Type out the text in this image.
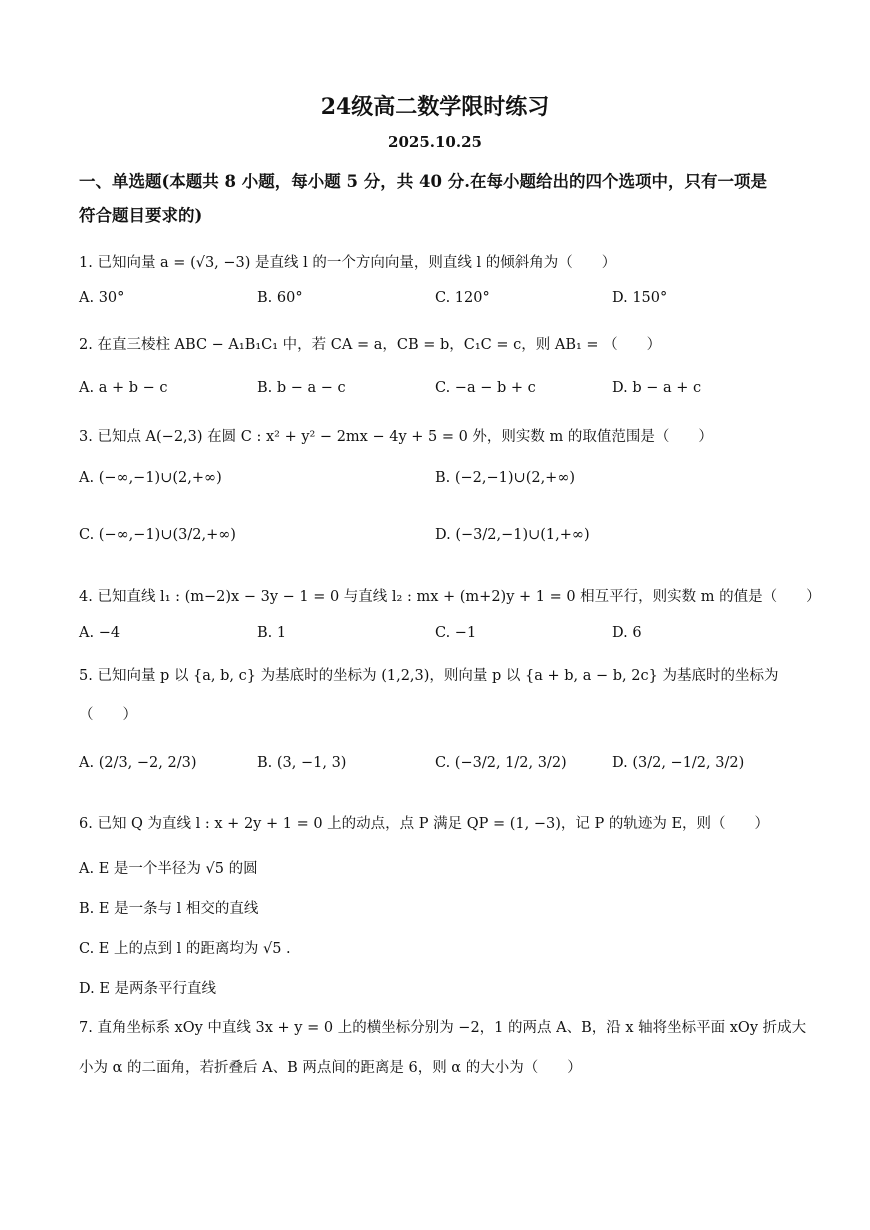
24级高二数学限时练习
2025.10.25
一、单选题(本题共 8 小题，每小题 5 分，共 40 分.在每小题给出的四个选项中，只有一项是
符合题目要求的)
1. 已知向量 a = (√3, −3) 是直线 l 的一个方向向量，则直线 l 的倾斜角为（　　）
A. 30°	B. 60°	C. 120°	D. 150°
2. 在直三棱柱 ABC − A₁B₁C₁ 中，若 CA = a，CB = b，C₁C = c，则 AB₁ = （　　）
A. a + b − c	B. b − a − c	C. −a − b + c	D. b − a + c
3. 已知点 A(−2,3) 在圆 C : x² + y² − 2mx − 4y + 5 = 0 外，则实数 m 的取值范围是（　　）
A. (−∞,−1)∪(2,+∞)	B. (−2,−1)∪(2,+∞)
C. (−∞,−1)∪(3/2,+∞)	D. (−3/2,−1)∪(1,+∞)
4. 已知直线 l₁ : (m−2)x − 3y − 1 = 0 与直线 l₂ : mx + (m+2)y + 1 = 0 相互平行，则实数 m 的值是（　　）
A. −4	B. 1	C. −1	D. 6
5. 已知向量 p 以 {a, b, c} 为基底时的坐标为 (1,2,3)，则向量 p 以 {a + b, a − b, 2c} 为基底时的坐标为
（　　）
A. (2/3, −2, 2/3)	B. (3, −1, 3)	C. (−3/2, 1/2, 3/2)	D. (3/2, −1/2, 3/2)
6. 已知 Q 为直线 l : x + 2y + 1 = 0 上的动点，点 P 满足 QP = (1, −3)，记 P 的轨迹为 E，则（　　）
A. E 是一个半径为 √5 的圆
B. E 是一条与 l 相交的直线
C. E 上的点到 l 的距离均为 √5 .
D. E 是两条平行直线
7. 直角坐标系 xOy 中直线 3x + y = 0 上的横坐标分别为 −2，1 的两点 A、B，沿 x 轴将坐标平面 xOy 折成大
小为 α 的二面角，若折叠后 A、B 两点间的距离是 6，则 α 的大小为（　　）
